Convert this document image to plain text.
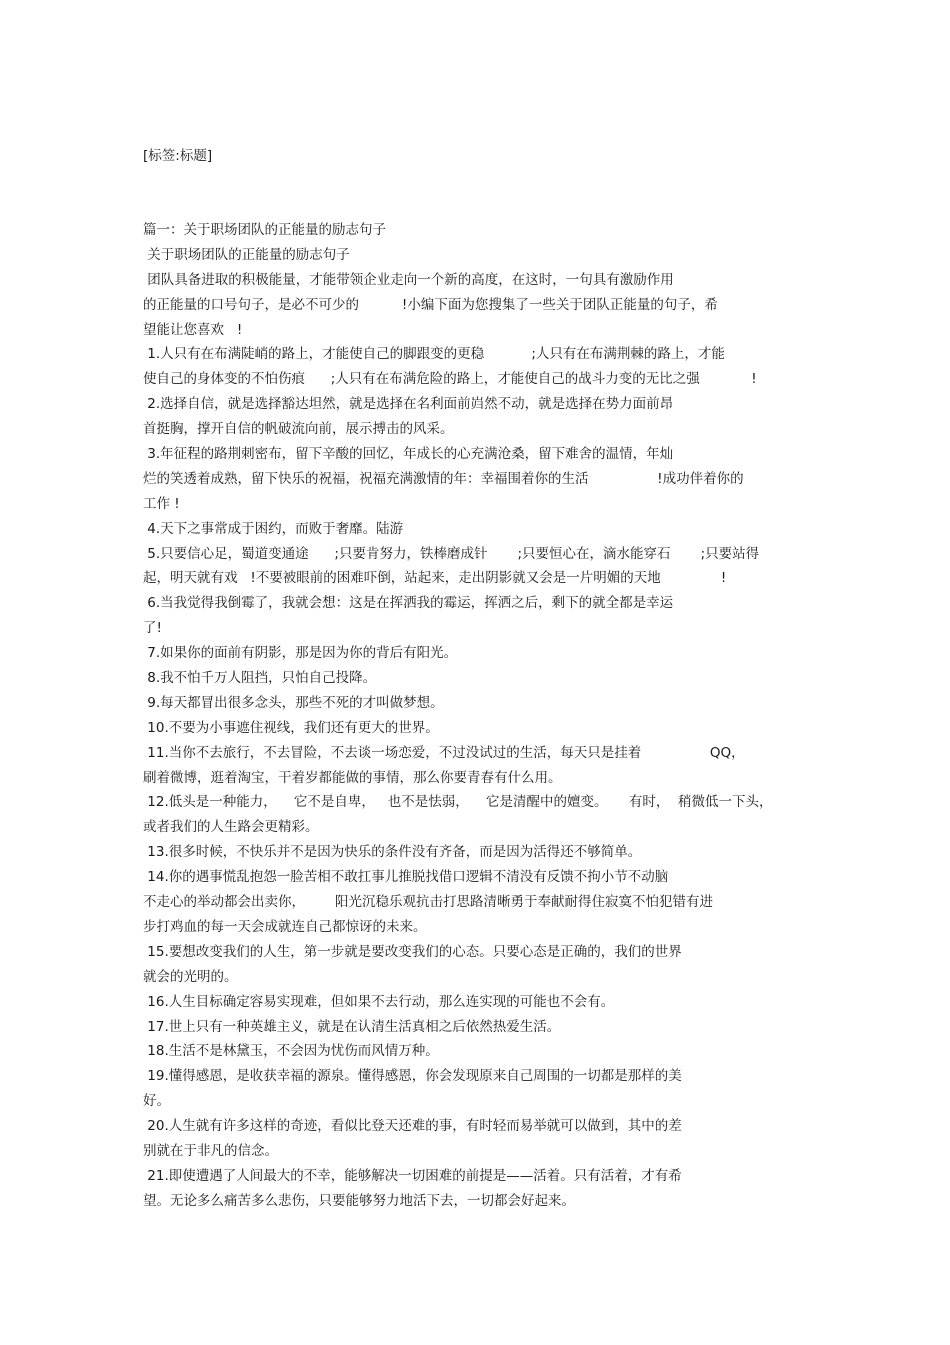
[标签:标题]
篇一：关于职场团队的正能量的励志句子
关于职场团队的正能量的励志句子
团队具备进取的积极能量，才能带领企业走向一个新的高度，在这时，一句具有激励作用
的正能量的口号句子，是必不可少的          !小编下面为您搜集了一些关于团队正能量的句子，希
望能让您喜欢   !
1.人只有在布满陡峭的路上，才能使自己的脚跟变的更稳           ;人只有在布满荆棘的路上，才能
使自己的身体变的不怕伤痕      ;人只有在布满危险的路上，才能使自己的战斗力变的无比之强            !
2.选择自信，就是选择豁达坦然，就是选择在名利面前岿然不动，就是选择在势力面前昂
首挺胸，撑开自信的帆破流向前，展示搏击的风采。
3.年征程的路荆刺密布，留下辛酸的回忆，年成长的心充满沧桑，留下难舍的温情，年灿
烂的笑透着成熟，留下快乐的祝福，祝福充满激情的年：幸福围着你的生活                !成功伴着你的
工作 !
4.天下之事常成于困约，而败于奢靡。陆游
5.只要信心足，蜀道变通途      ;只要肯努力，铁棒磨成针       ;只要恒心在，滴水能穿石       ;只要站得
起，明天就有戏   !不要被眼前的困难吓倒，站起来，走出阴影就又会是一片明媚的天地              !
6.当我觉得我倒霉了，我就会想：这是在挥洒我的霉运，挥洒之后，剩下的就全都是幸运
了!
7.如果你的面前有阴影，那是因为你的背后有阳光。
8.我不怕千万人阻挡，只怕自己投降。
9.每天都冒出很多念头，那些不死的才叫做梦想。
10.不要为小事遮住视线，我们还有更大的世界。
11.当你不去旅行，不去冒险，不去谈一场恋爱，不过没试过的生活，每天只是挂着                QQ，
刷着微博，逛着淘宝，干着岁都能做的事情，那么你要青春有什么用。
12.低头是一种能力，    它不是自卑，   也不是怯弱，    它是清醒中的嬗变。     有时，  稍微低一下头，
或者我们的人生路会更精彩。
13.很多时候，不快乐并不是因为快乐的条件没有齐备，而是因为活得还不够简单。
14.你的遇事慌乱抱怨一脸苦相不敢扛事儿推脱找借口逻辑不清没有反馈不拘小节不动脑
不走心的举动都会出卖你，       阳光沉稳乐观抗击打思路清晰勇于奉献耐得住寂寞不怕犯错有进
步打鸡血的每一天会成就连自己都惊讶的未来。
15.要想改变我们的人生，第一步就是要改变我们的心态。只要心态是正确的，我们的世界
就会的光明的。
16.人生目标确定容易实现难，但如果不去行动，那么连实现的可能也不会有。
17.世上只有一种英雄主义，就是在认清生活真相之后依然热爱生活。
18.生活不是林黛玉，不会因为忧伤而风情万种。
19.懂得感恩，是收获幸福的源泉。懂得感恩，你会发现原来自己周围的一切都是那样的美
好。
20.人生就有许多这样的奇迹，看似比登天还难的事，有时轻而易举就可以做到，其中的差
别就在于非凡的信念。
21.即使遭遇了人间最大的不幸，能够解决一切困难的前提是——活着。只有活着，才有希
望。无论多么痛苦多么悲伤，只要能够努力地活下去，一切都会好起来。
